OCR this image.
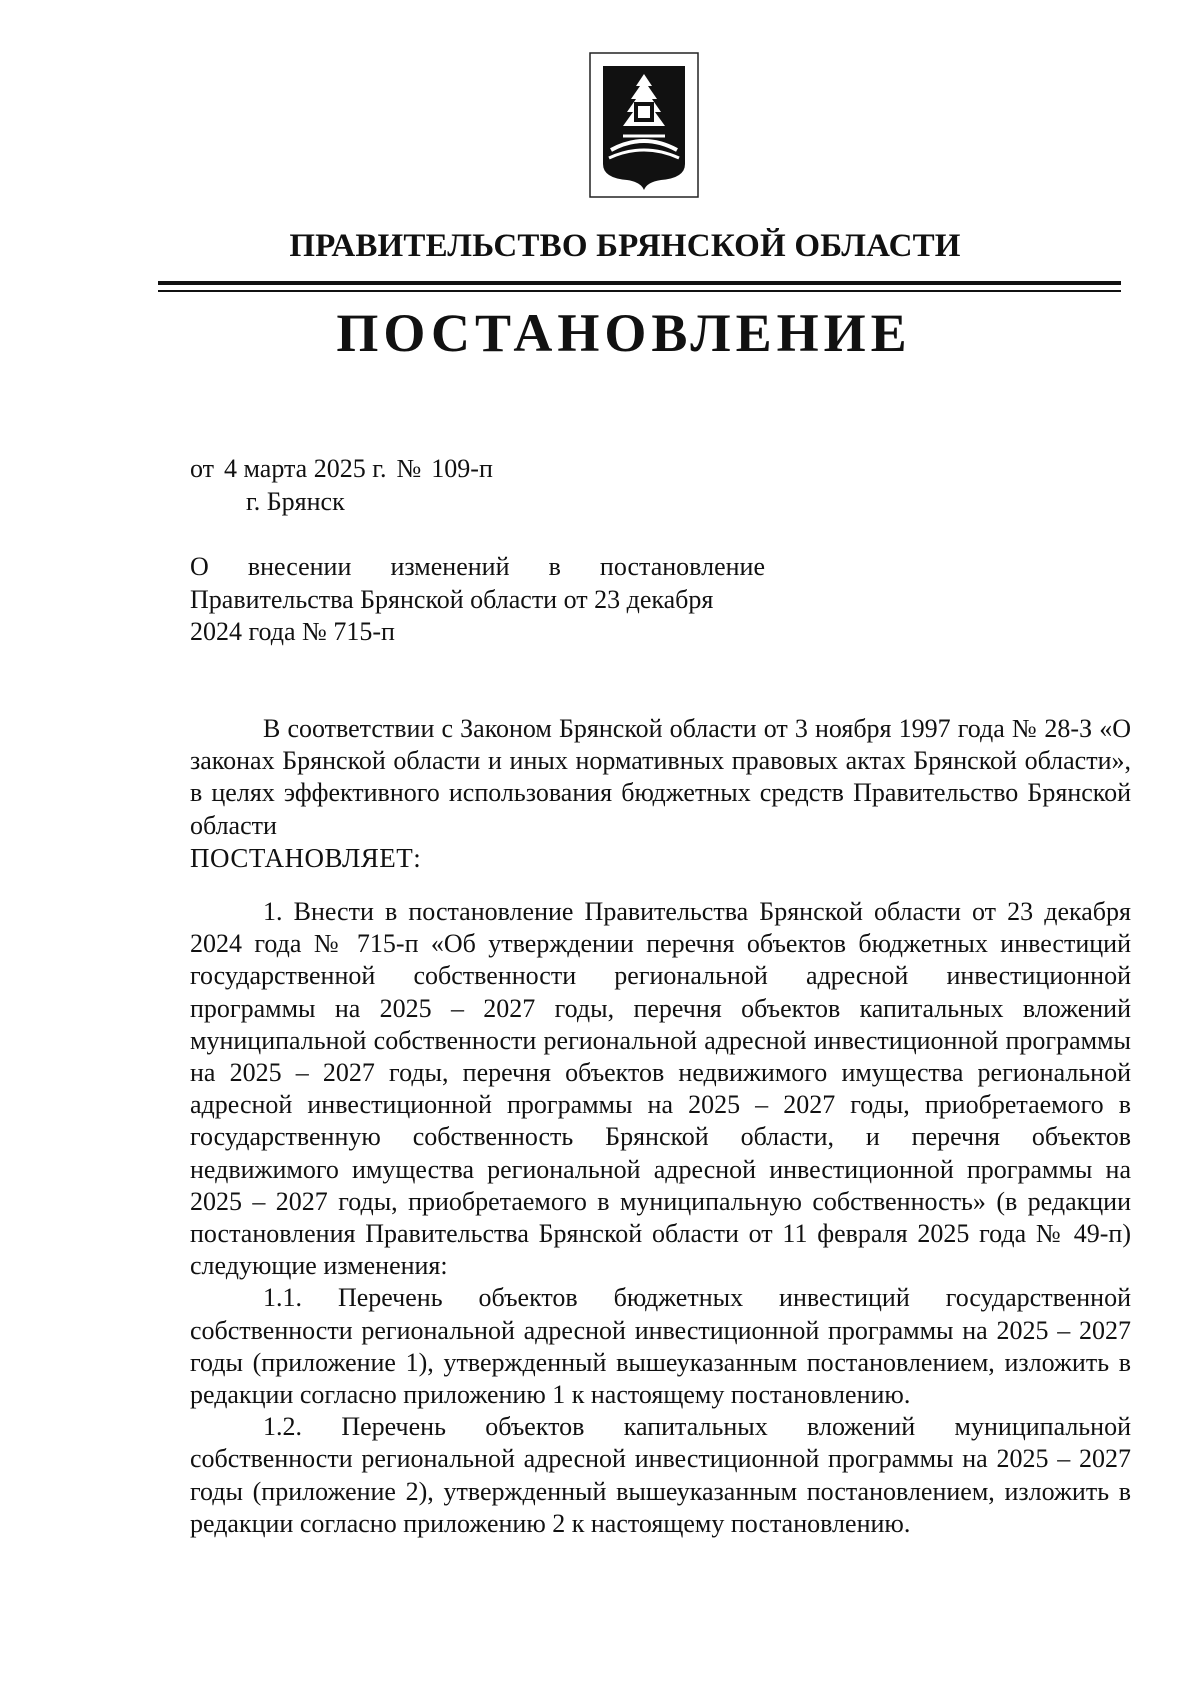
ПРАВИТЕЛЬСТВО БРЯНСКОЙ ОБЛАСТИ
ПОСТАНОВЛЕНИЕ
от 4 марта 2025 г. № 109-п
г. Брянск

О внесении изменений в постановление

Правительства Брянской области от 23 декабря

2024 года № 715-п

В соответствии с Законом Брянской области от 3 ноября 1997 года № 28-З «О законах Брянской области и иных нормативных правовых актах Брянской области», в целях эффективного использования бюджетных средств Правительство Брянской области

ПОСТАНОВЛЯЕТ:

1. Внести в постановление Правительства Брянской области от 23 декабря 2024 года № 715-п «Об утверждении перечня объектов бюджетных инвестиций государственной собственности региональной адресной инвестиционной программы на 2025 – 2027 годы, перечня объектов капитальных вложений муниципальной собственности региональной адресной инвестиционной программы на 2025 – 2027 годы, перечня объектов недвижимого имущества региональной адресной инвестиционной программы на 2025 – 2027 годы, приобретаемого в государственную собственность Брянской области, и перечня объектов недвижимого имущества региональной адресной инвестиционной программы на 2025 – 2027 годы, приобретаемого в муниципальную собственность» (в редакции постановления Правительства Брянской области от 11 февраля 2025 года № 49-п) следующие изменения:

1.1. Перечень объектов бюджетных инвестиций государственной собственности региональной адресной инвестиционной программы на 2025 – 2027 годы (приложение 1), утвержденный вышеуказанным постановлением, изложить в редакции согласно приложению 1 к настоящему постановлению.

1.2. Перечень объектов капитальных вложений муниципальной собственности региональной адресной инвестиционной программы на 2025 – 2027 годы (приложение 2), утвержденный вышеуказанным постановлением, изложить в редакции согласно приложению 2 к настоящему постановлению.
